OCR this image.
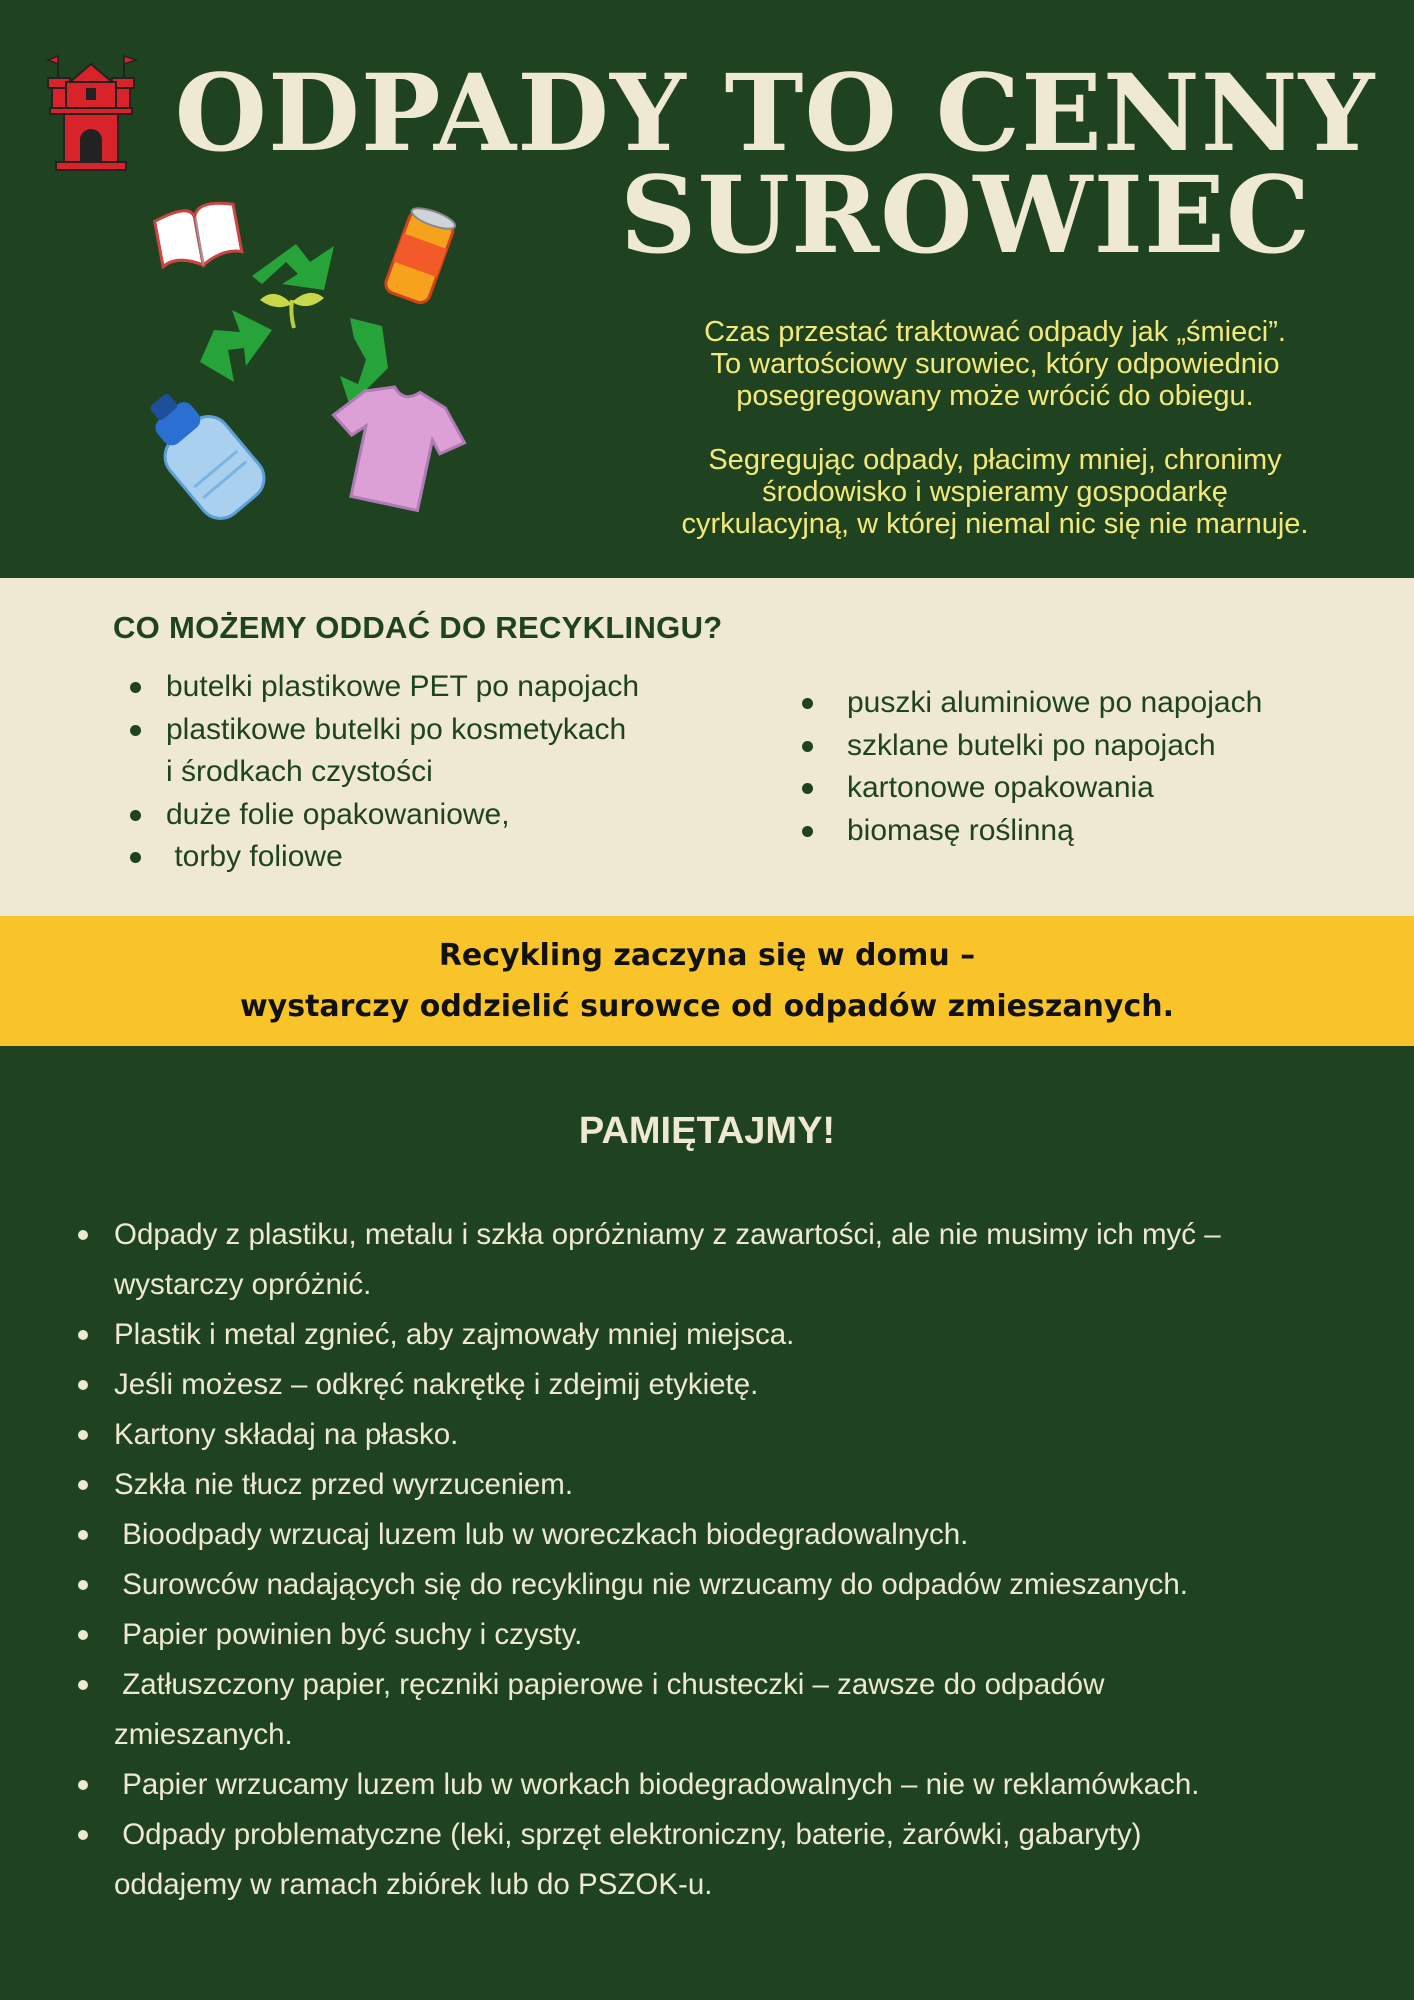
ODPADY TO CENNY
SUROWIEC

Czas przestać traktować odpady jak „śmieci”.
To wartościowy surowiec, który odpowiednio
posegregowany może wrócić do obiegu.

Segregując odpady, płacimy mniej, chronimy
środowisko i wspieramy gospodarkę
cyrkulacyjną, w której niemal nic się nie marnuje.

CO MOŻEMY ODDAĆ DO RECYKLINGU?
butelki plastikowe PET po napojach
plastikowe butelki po kosmetykach
i środkach czystości
duże folie opakowaniowe,
torby foliowe
puszki aluminiowe po napojach
szklane butelki po napojach
kartonowe opakowania
biomasę roślinną
Recykling zaczyna się w domu –
wystarczy oddzielić surowce od odpadów zmieszanych.
PAMIĘTAJMY!
Odpady z plastiku, metalu i szkła opróżniamy z zawartości, ale nie musimy ich myć –
wystarczy opróżnić.
Plastik i metal zgnieć, aby zajmowały mniej miejsca.
Jeśli możesz – odkręć nakrętkę i zdejmij etykietę.
Kartony składaj na płasko.
Szkła nie tłucz przed wyrzuceniem.
Bioodpady wrzucaj luzem lub w woreczkach biodegradowalnych.
Surowców nadających się do recyklingu nie wrzucamy do odpadów zmieszanych.
Papier powinien być suchy i czysty.
Zatłuszczony papier, ręczniki papierowe i chusteczki – zawsze do odpadów
zmieszanych.
Papier wrzucamy luzem lub w workach biodegradowalnych – nie w reklamówkach.
Odpady problematyczne (leki, sprzęt elektroniczny, baterie, żarówki, gabaryty)
oddajemy w ramach zbiórek lub do PSZOK-u.
